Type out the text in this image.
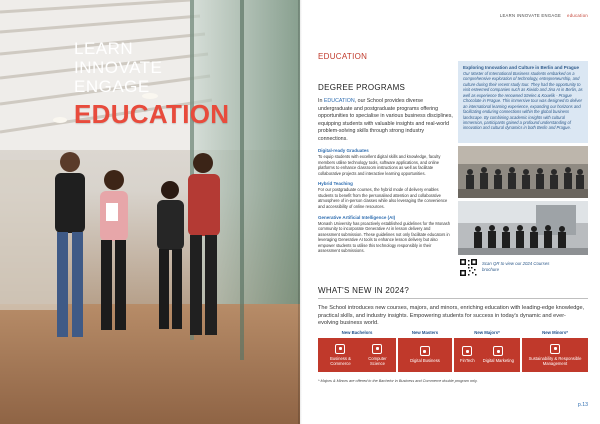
LEARN
INNOVATE
ENGAGE
EDUCATION
LEARN INNOVATE ENGAGE education
EDUCATION
DEGREE PROGRAMS

In EDUCATION, our School provides diverse undergraduate and postgraduate programs offering opportunities to specialise in various business disciplines, equipping students with valuable insights and real-world problem-solving skills through strong industry connections.

Digital-ready Graduates

To equip students with excellent digital skills and knowledge, faculty members utilise technology tools, software applications, and online platforms to enhance classroom instructions as well as facilitate collaborative projects and interactive learning opportunities.

Hybrid Teaching

For our postgraduate courses, the hybrid mode of delivery enables students to benefit from the personalised attention and collaborative atmosphere of in-person classes while also leveraging the convenience and accessibility of online resources.

Generative Artificial Intelligence (AI)

Monash University has proactively established guidelines for the Monash community to incorporate Generative AI in lesson delivery and assessment submission. These guidelines not only facilitate educators in leveraging Generative AI tools to enhance lesson delivery but also empower students to utilise this technology responsibly in their assessment submissions.

Exploring Innovation and Culture in Berlin and Prague

Our Master of International Business students embarked on a comprehensive exploration of technology, entrepreneurship, and culture during their recent study tour. They had the opportunity to visit esteemed companies such as Kiwido and Jina AI in Berlin, as well as experience the renowned Strelec & Kouelik - Prague Chocolate in Prague. This immersive tour was designed to deliver an international learning experience, expanding our horizons and facilitating enduring connections within the global business landscape. By combining academic insights with cultural immersion, participants gained a profound understanding of innovation and cultural dynamics in both Berlin and Prague.

Scan QR to view our 2024 Courses brochure
WHAT'S NEW IN 2024?

The School introduces new courses, majors, and minors, enriching education with leading-edge knowledge, practical skills, and industry insights. Empowering students for success in today's dynamic and ever-evolving business world.

New Bachelors	New Masters	New Majors*	New Minors*
Business & Commerce
Computer Science
Digital Business	FinTech Digital Marketing
Sustainability & Responsible Management
* Majors & Minors are offered in the Bachelor in Business and Commerce double program only.
p.13
